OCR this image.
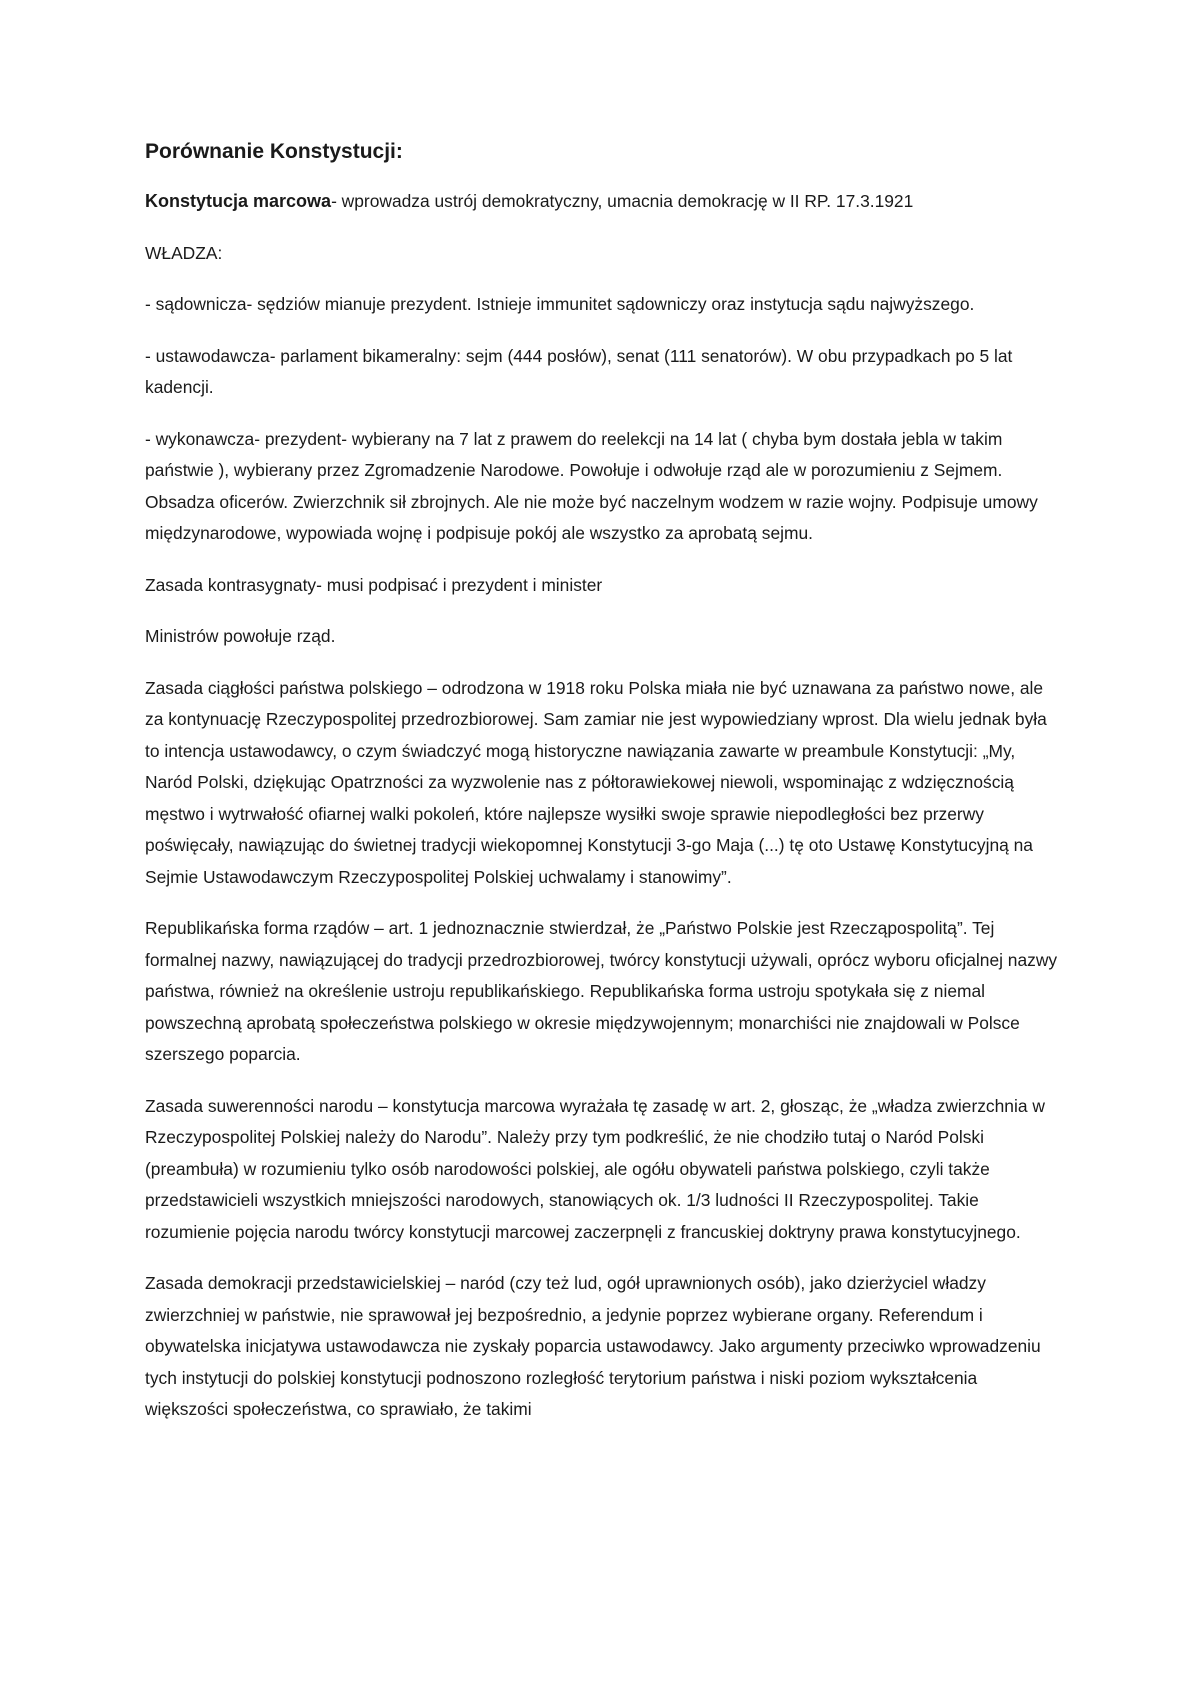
Porównanie Konstystucji:

Konstytucja marcowa- wprowadza ustrój demokratyczny, umacnia demokrację w II RP. 17.3.1921

WŁADZA:

- sądownicza- sędziów mianuje prezydent. Istnieje immunitet sądowniczy oraz instytucja sądu najwyższego.

- ustawodawcza- parlament bikameralny: sejm (444 posłów), senat (111 senatorów). W obu przypadkach po 5 lat kadencji.

- wykonawcza- prezydent- wybierany na 7 lat z prawem do reelekcji na 14 lat ( chyba bym dostała jebla w takim państwie ), wybierany przez Zgromadzenie Narodowe. Powołuje i odwołuje rząd ale w porozumieniu z Sejmem. Obsadza oficerów. Zwierzchnik sił zbrojnych. Ale nie może być naczelnym wodzem w razie wojny. Podpisuje umowy międzynarodowe, wypowiada wojnę i podpisuje pokój ale wszystko za aprobatą sejmu.

Zasada kontrasygnaty- musi podpisać i prezydent i minister

Ministrów powołuje rząd.

Zasada ciągłości państwa polskiego – odrodzona w 1918 roku Polska miała nie być uznawana za państwo nowe, ale za kontynuację Rzeczypospolitej przedrozbiorowej. Sam zamiar nie jest wypowiedziany wprost. Dla wielu jednak była to intencja ustawodawcy, o czym świadczyć mogą historyczne nawiązania zawarte w preambule Konstytucji: „My, Naród Polski, dziękując Opatrzności za wyzwolenie nas z półtorawiekowej niewoli, wspominając z wdzięcznością męstwo i wytrwałość ofiarnej walki pokoleń, które najlepsze wysiłki swoje sprawie niepodległości bez przerwy poświęcały, nawiązując do świetnej tradycji wiekopomnej Konstytucji 3-go Maja (...) tę oto Ustawę Konstytucyjną na Sejmie Ustawodawczym Rzeczypospolitej Polskiej uchwalamy i stanowimy”.

Republikańska forma rządów – art. 1 jednoznacznie stwierdzał, że „Państwo Polskie jest Rzecząpospolitą”. Tej formalnej nazwy, nawiązującej do tradycji przedrozbiorowej, twórcy konstytucji używali, oprócz wyboru oficjalnej nazwy państwa, również na określenie ustroju republikańskiego. Republikańska forma ustroju spotykała się z niemal powszechną aprobatą społeczeństwa polskiego w okresie międzywojennym; monarchiści nie znajdowali w Polsce szerszego poparcia.

Zasada suwerenności narodu – konstytucja marcowa wyrażała tę zasadę w art. 2, głosząc, że „władza zwierzchnia w Rzeczypospolitej Polskiej należy do Narodu”. Należy przy tym podkreślić, że nie chodziło tutaj o Naród Polski (preambuła) w rozumieniu tylko osób narodowości polskiej, ale ogółu obywateli państwa polskiego, czyli także przedstawicieli wszystkich mniejszości narodowych, stanowiących ok. 1/3 ludności II Rzeczypospolitej. Takie rozumienie pojęcia narodu twórcy konstytucji marcowej zaczerpnęli z francuskiej doktryny prawa konstytucyjnego.

Zasada demokracji przedstawicielskiej – naród (czy też lud, ogół uprawnionych osób), jako dzierżyciel władzy zwierzchniej w państwie, nie sprawował jej bezpośrednio, a jedynie poprzez wybierane organy. Referendum i obywatelska inicjatywa ustawodawcza nie zyskały poparcia ustawodawcy. Jako argumenty przeciwko wprowadzeniu tych instytucji do polskiej konstytucji podnoszono rozległość terytorium państwa i niski poziom wykształcenia większości społeczeństwa, co sprawiało, że takimi
